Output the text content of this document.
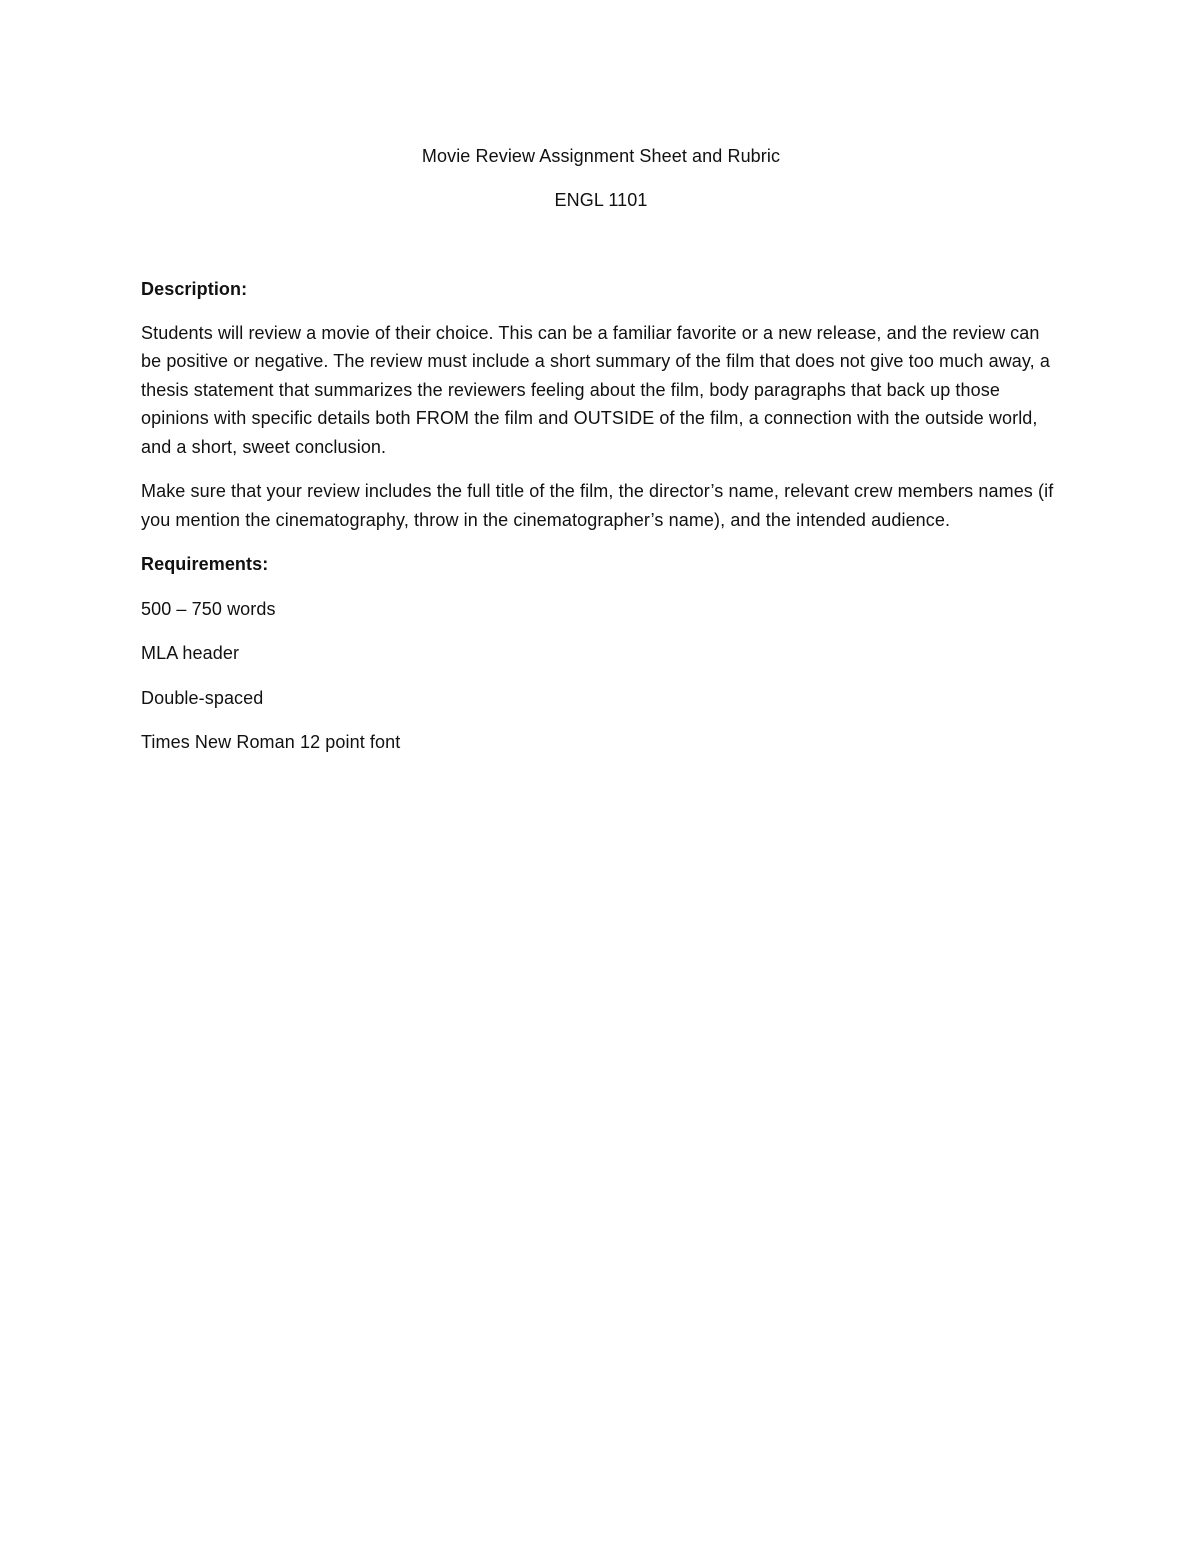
Movie Review Assignment Sheet and Rubric

ENGL 1101

Description:

Students will review a movie of their choice. This can be a familiar favorite or a new release, and the review can be positive or negative. The review must include a short summary of the film that does not give too much away, a thesis statement that summarizes the reviewers feeling about the film, body paragraphs that back up those opinions with specific details both FROM the film and OUTSIDE of the film, a connection with the outside world, and a short, sweet conclusion.

Make sure that your review includes the full title of the film, the director’s name, relevant crew members names (if you mention the cinematography, throw in the cinematographer’s name), and the intended audience.

Requirements:

500 – 750 words
MLA header
Double-spaced
Times New Roman 12 point font
